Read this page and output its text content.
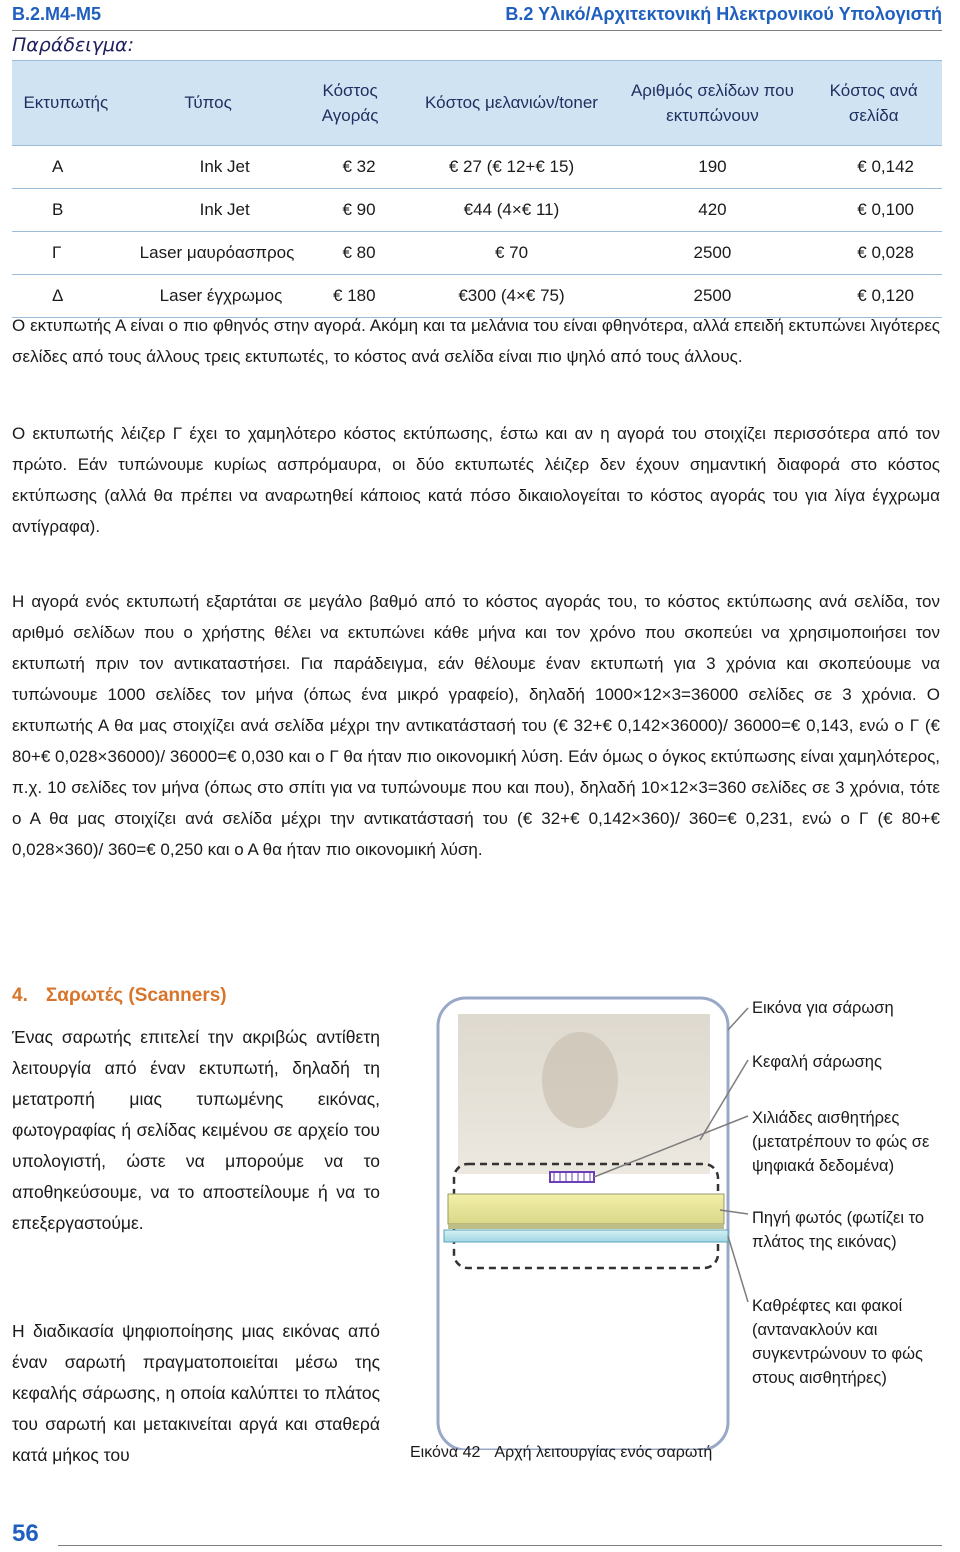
Β.2.Μ4-Μ5	Β.2 Υλικό/Αρχιτεκτονική Ηλεκτρονικού Υπολογιστή
Παράδειγμα:
Εκτυπωτής	Τύπος	Κόστος Αγοράς	Κόστος μελανιών/toner	Αριθμός σελίδων που εκτυπώνουν	Κόστος ανά σελίδα
Α	Ink Jet	€ 32	€ 27 (€ 12+€ 15)	190	€ 0,142
Β	Ink Jet	€ 90	€44 (4×€ 11)	420	€ 0,100
Γ	Laser μαυρόασπρος	€ 80	€ 70	2500	€ 0,028
Δ	Laser έγχρωμος	€ 180	€300 (4×€ 75)	2500	€ 0,120

Ο εκτυπωτής Α είναι ο πιο φθηνός στην αγορά. Ακόμη και τα μελάνια του είναι φθηνότερα, αλλά επειδή εκτυπώνει λιγότερες σελίδες από τους άλλους τρεις εκτυπωτές, το κόστος ανά σελίδα είναι πιο ψηλό από τους άλλους.

Ο εκτυπωτής λέιζερ Γ έχει το χαμηλότερο κόστος εκτύπωσης, έστω και αν η αγορά του στοιχίζει περισσότερα από τον πρώτο. Εάν τυπώνουμε κυρίως ασπρόμαυρα, οι δύο εκτυπωτές λέιζερ δεν έχουν σημαντική διαφορά στο κόστος εκτύπωσης (αλλά θα πρέπει να αναρωτηθεί κάποιος κατά πόσο δικαιολογείται το κόστος αγοράς του για λίγα έγχρωμα αντίγραφα).

Η αγορά ενός εκτυπωτή εξαρτάται σε μεγάλο βαθμό από το κόστος αγοράς του, το κόστος εκτύπωσης ανά σελίδα, τον αριθμό σελίδων που ο χρήστης θέλει να εκτυπώνει κάθε μήνα και τον χρόνο που σκοπεύει να χρησιμοποιήσει τον εκτυπωτή πριν τον αντικαταστήσει. Για παράδειγμα, εάν θέλουμε έναν εκτυπωτή για 3 χρόνια και σκοπεύουμε να τυπώνουμε 1000 σελίδες τον μήνα (όπως ένα μικρό γραφείο), δηλαδή 1000×12×3=36000 σελίδες σε 3 χρόνια. Ο εκτυπωτής Α θα μας στοιχίζει ανά σελίδα μέχρι την αντικατάστασή του (€ 32+€ 0,142×36000)/ 36000=€ 0,143, ενώ ο Γ (€ 80+€ 0,028×36000)/ 36000=€ 0,030 και ο Γ θα ήταν πιο οικονομική λύση. Εάν όμως ο όγκος εκτύπωσης είναι χαμηλότερος, π.χ. 10 σελίδες τον μήνα (όπως στο σπίτι για να τυπώνουμε που και που), δηλαδή 10×12×3=360 σελίδες σε 3 χρόνια, τότε ο Α θα μας στοιχίζει ανά σελίδα μέχρι την αντικατάστασή του (€ 32+€ 0,142×360)/ 360=€ 0,231, ενώ ο Γ (€ 80+€ 0,028×360)/ 360=€ 0,250 και ο Α θα ήταν πιο οικονομική λύση.

4. Σαρωτές (Scanners)

Ένας σαρωτής επιτελεί την ακριβώς αντίθετη λειτουργία από έναν εκτυπωτή, δηλαδή τη μετατροπή μιας τυπωμένης εικόνας, φωτογραφίας ή σελίδας κειμένου σε αρχείο του υπολογιστή, ώστε να μπορούμε να το αποθηκεύσουμε, να το αποστείλουμε ή να το επεξεργαστούμε.

Η διαδικασία ψηφιοποίησης μιας εικόνας από έναν σαρωτή πραγματοποιείται μέσω της κεφαλής σάρωσης, η οποία καλύπτει το πλάτος του σαρωτή και μετακινείται αργά και σταθερά κατά μήκος του

Εικόνα για σάρωση
Κεφαλή σάρωσης
Χιλιάδες αισθητήρες (μετατρέπουν το φώς σε ψηφιακά δεδομένα)
Πηγή φωτός (φωτίζει το πλάτος της εικόνας)
Καθρέφτες και φακοί (αντανακλούν και συγκεντρώνουν το φώς στους αισθητήρες)
Εικόνα 42 Αρχή λειτουργίας ενός σαρωτή
56
